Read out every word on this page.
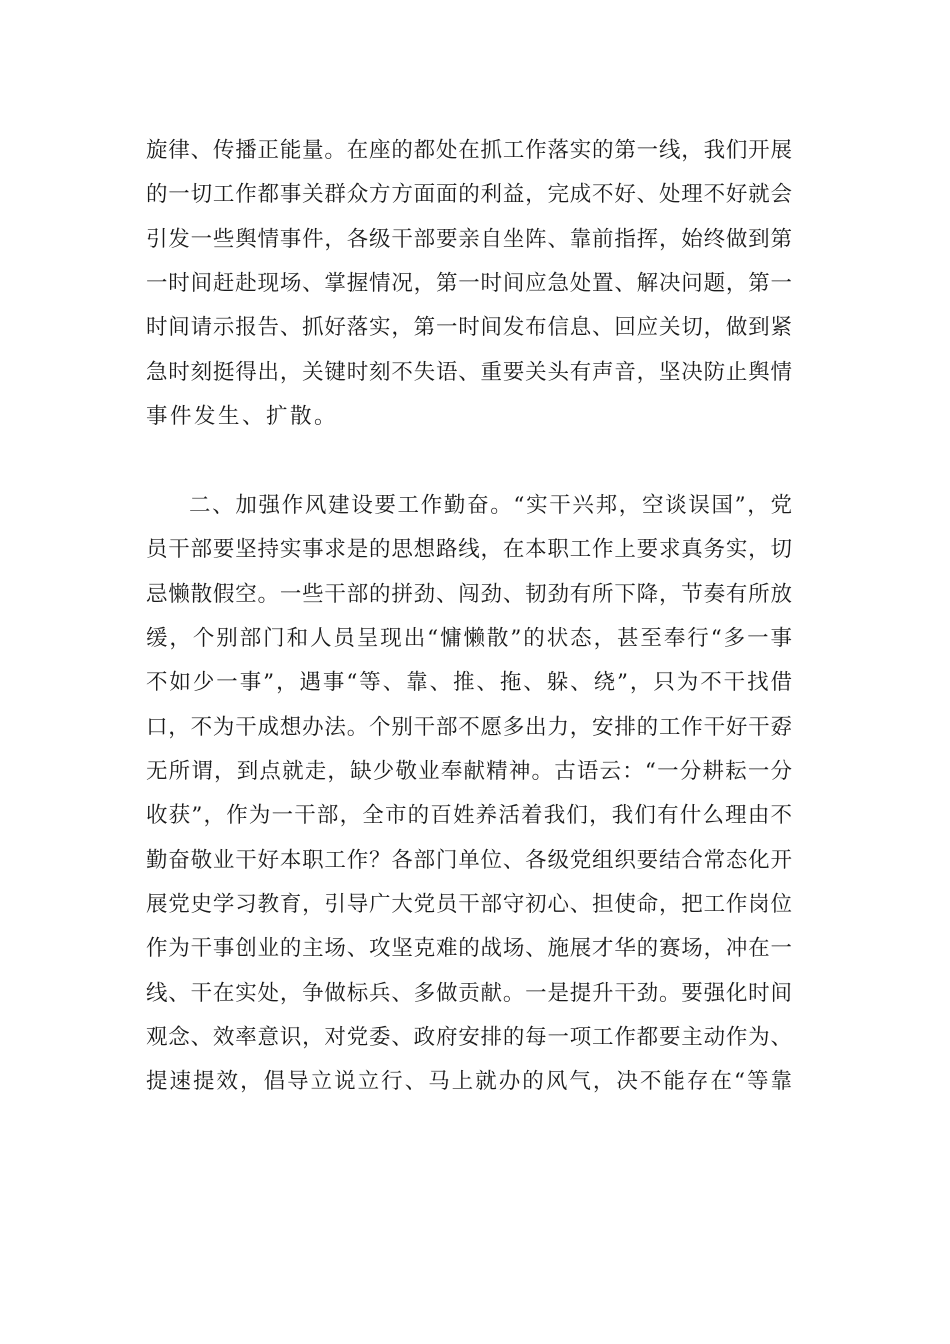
旋律、传播正能量。在座的都处在抓工作落实的第一线，我们开展
的一切工作都事关群众方方面面的利益，完成不好、处理不好就会
引发一些舆情事件，各级干部要亲自坐阵、靠前指挥，始终做到第
一时间赶赴现场、掌握情况，第一时间应急处置、解决问题，第一
时间请示报告、抓好落实，第一时间发布信息、回应关切，做到紧
急时刻挺得出，关键时刻不失语、重要关头有声音，坚决防止舆情
事件发生、扩散。
二、加强作风建设要工作勤奋。“实干兴邦，空谈误国”，党
员干部要坚持实事求是的思想路线，在本职工作上要求真务实，切
忌懒散假空。一些干部的拼劲、闯劲、韧劲有所下降，节奏有所放
缓，个别部门和人员呈现出“慵懒散”的状态，甚至奉行“多一事
不如少一事”，遇事“等、靠、推、拖、躲、绕”，只为不干找借
口，不为干成想办法。个别干部不愿多出力，安排的工作干好干孬
无所谓，到点就走，缺少敬业奉献精神。古语云：“一分耕耘一分
收获”，作为一干部，全市的百姓养活着我们，我们有什么理由不
勤奋敬业干好本职工作？各部门单位、各级党组织要结合常态化开
展党史学习教育，引导广大党员干部守初心、担使命，把工作岗位
作为干事创业的主场、攻坚克难的战场、施展才华的赛场，冲在一
线、干在实处，争做标兵、多做贡献。一是提升干劲。要强化时间
观念、效率意识，对党委、政府安排的每一项工作都要主动作为、
提速提效，倡导立说立行、马上就办的风气，决不能存在“等靠
